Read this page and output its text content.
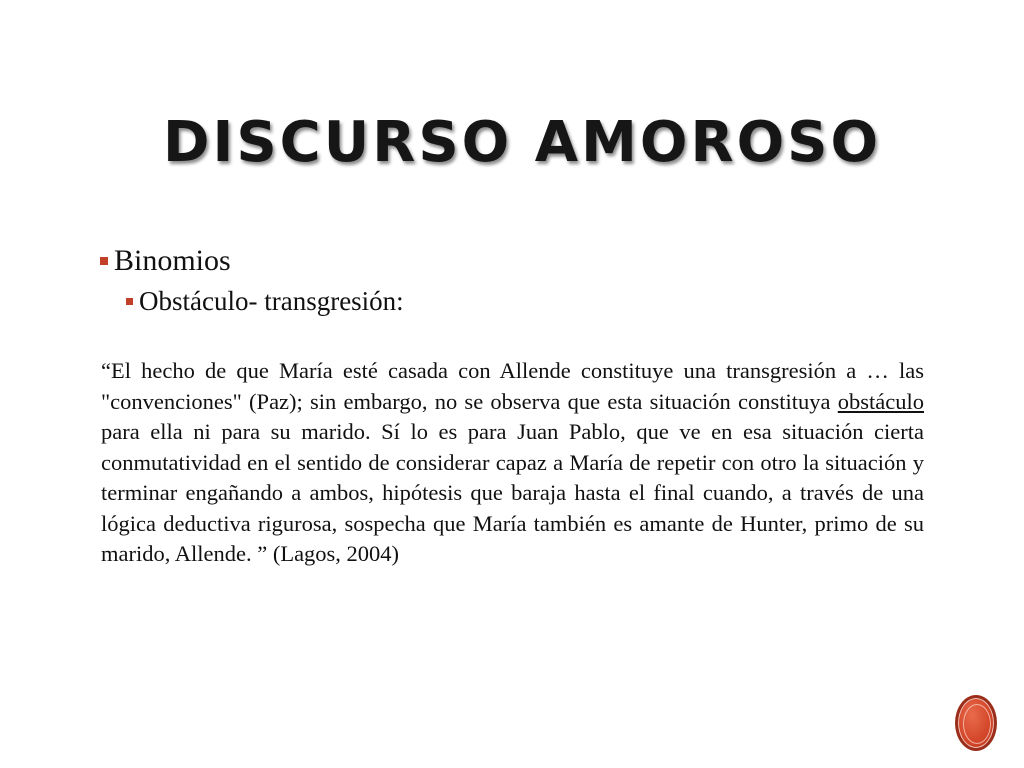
DISCURSO AMOROSO
Binomios
Obstáculo- transgresión:

“El hecho de que María esté casada con Allende constituye una transgresión a … las "convenciones" (Paz); sin embargo, no se observa que esta situación constituya obstáculo para ella ni para su marido. Sí lo es para Juan Pablo, que ve en esa situación cierta conmutatividad en el sentido de considerar capaz a María de repetir con otro la situación y terminar engañando a ambos, hipótesis que baraja hasta el final cuando, a través de una lógica deductiva rigurosa, sospecha que María también es amante de Hunter, primo de su marido, Allende. ” (Lagos, 2004)
